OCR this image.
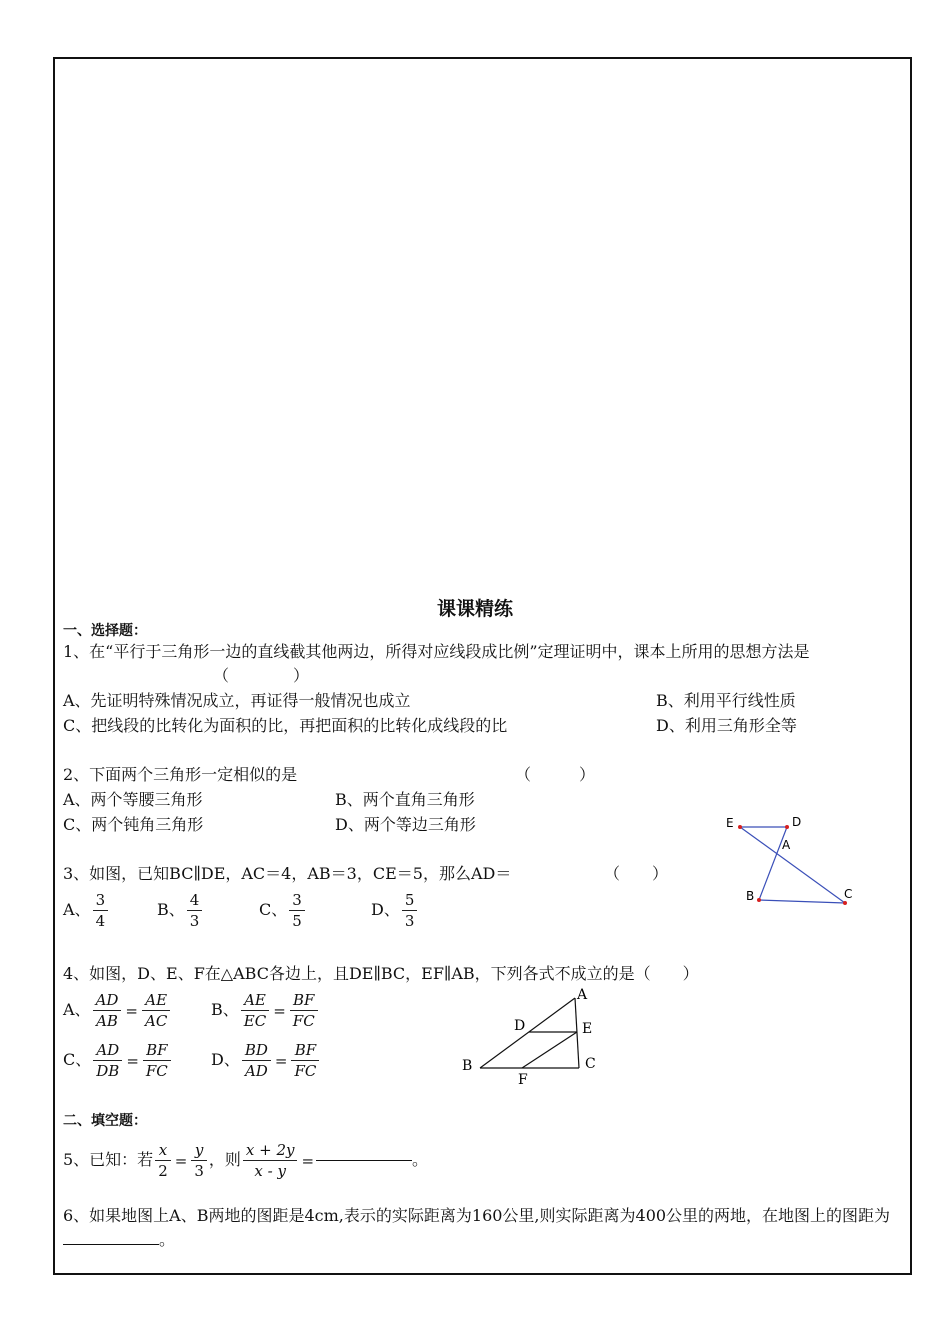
课课精练
一、选择题：
1、在“平行于三角形一边的直线截其他两边，所得对应线段成比例”定理证明中，课本上所用的思想方法是（　　　　）
A、先证明特殊情况成立，再证得一般情况也成立	B、利用平行线性质
C、把线段的比转化为面积的比，再把面积的比转化成线段的比	D、利用三角形全等
2、下面两个三角形一定相似的是	（　　　）
A、两个等腰三角形	B、两个直角三角形
C、两个钝角三角形	D、两个等边三角形	E	D
A
B	C
3、如图，已知BC∥DE，AC＝4，AB＝3，CE＝5，那么AD＝	（　　）
A、 $\frac{3}{4}$	B、 $\frac{4}{3}$	C、 $\frac{3}{5}$	D、 $\frac{5}{3}$
4、如图，D、E、F在△ABC各边上，且DE∥BC，EF∥AB，下列各式不成立的是（　　）
A、 $\frac{AD}{AB} = \frac{AE}{AC}$	B、 $\frac{AE}{EC} = \frac{BF}{FC}$
C、 $\frac{AD}{DB} = \frac{BF}{FC}$	D、 $\frac{BD}{AD} = \frac{BF}{FC}$
A
D	E
B	C
F
二、填空题：
5、已知：若 $\frac{x}{2} = \frac{y}{3}$ ，则 $\frac{x + 2y}{x - y}$ =	。
6、如果地图上A、B两地的图距是4cm,表示的实际距离为160公里,则实际距离为400公里的两地，在地图上的图距为。
